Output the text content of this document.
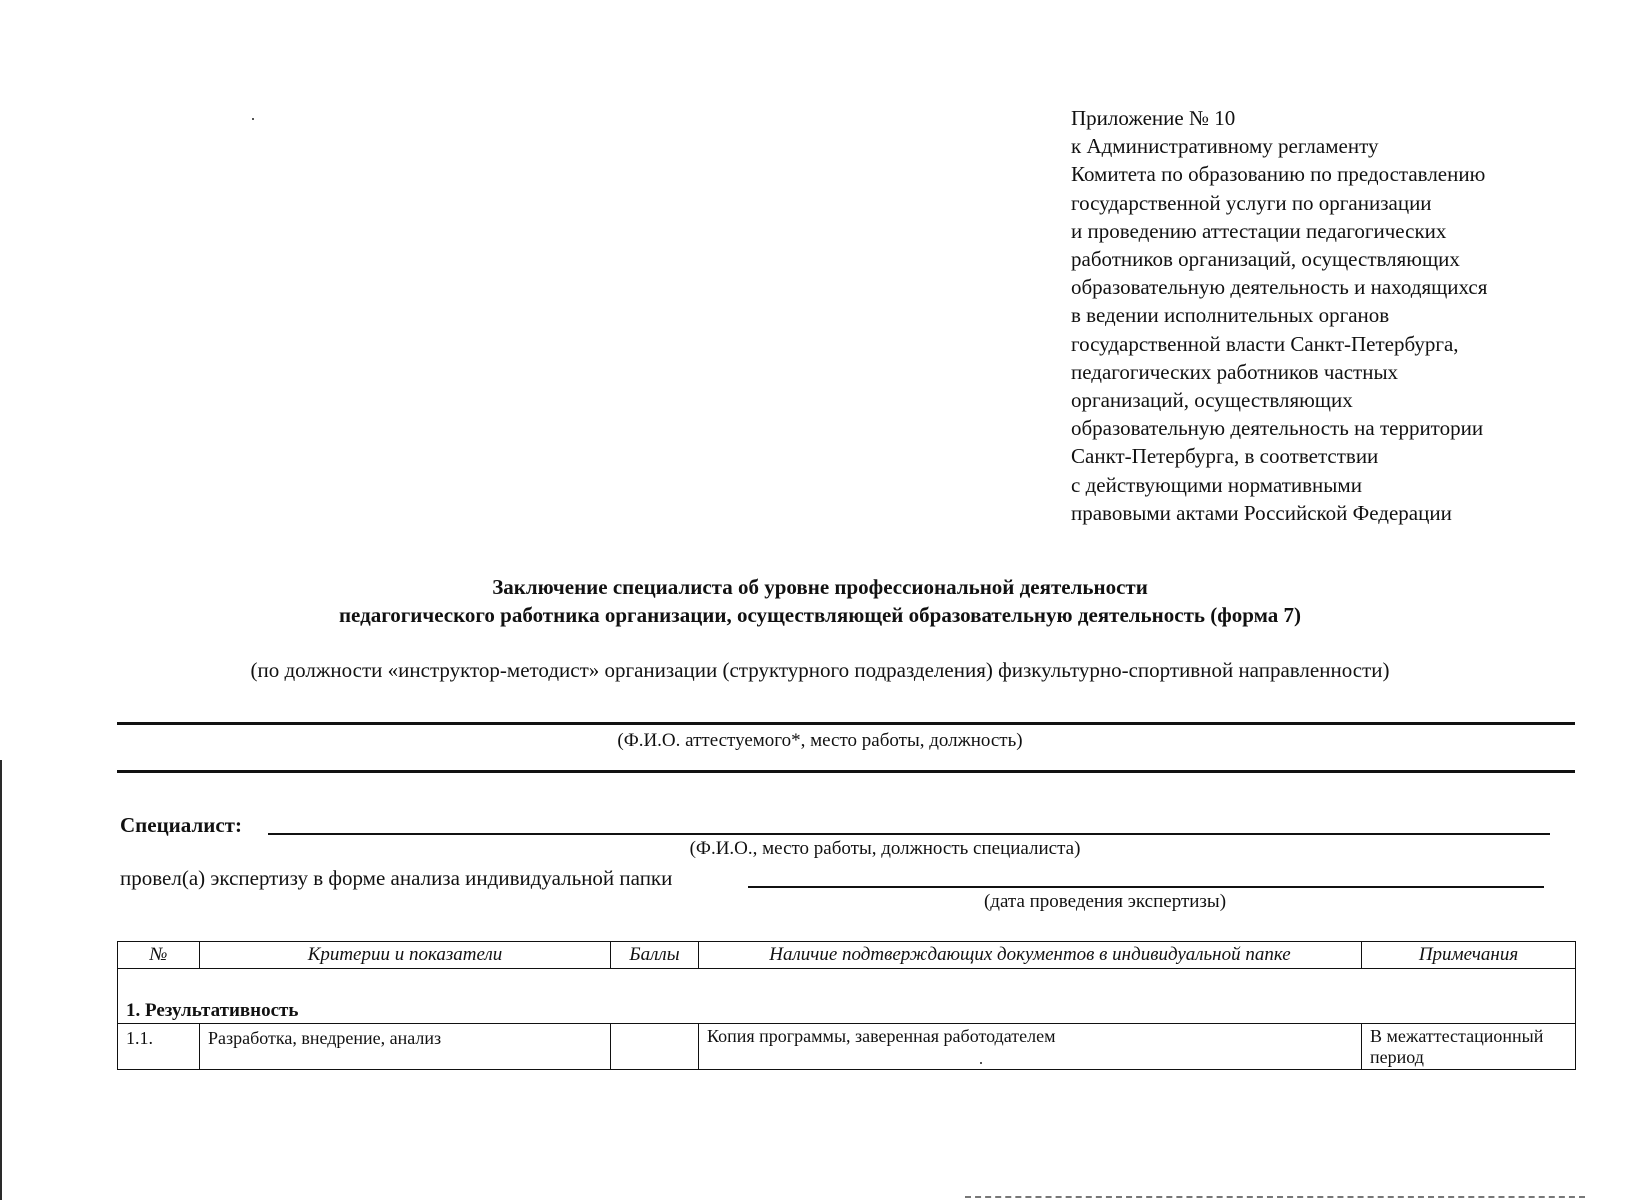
Приложение № 10
к Административному регламенту
Комитета по образованию по предоставлению
государственной услуги по организации
и проведению аттестации педагогических
работников организаций, осуществляющих
образовательную деятельность и находящихся
в ведении исполнительных органов
государственной власти Санкт-Петербурга,
педагогических работников частных
организаций, осуществляющих
образовательную деятельность на территории
Санкт-Петербурга, в соответствии
с действующими нормативными
правовыми актами Российской Федерации
Заключение специалиста об уровне профессиональной деятельности
педагогического работника организации, осуществляющей образовательную деятельность (форма 7)
(по должности «инструктор-методист» организации (структурного подразделения) физкультурно-спортивной направленности)
(Ф.И.О. аттестуемого*, место работы, должность)
Специалист:
(Ф.И.О., место работы, должность специалиста)
провел(а) экспертизу в форме анализа индивидуальной папки
(дата проведения экспертизы)
№	Критерии и показатели	Баллы	Наличие подтверждающих документов в индивидуальной папке	Примечания
1. Результативность				
1.1.	Разработка, внедрение, анализ		Копия программы, заверенная работодателем	В межаттестационный период
